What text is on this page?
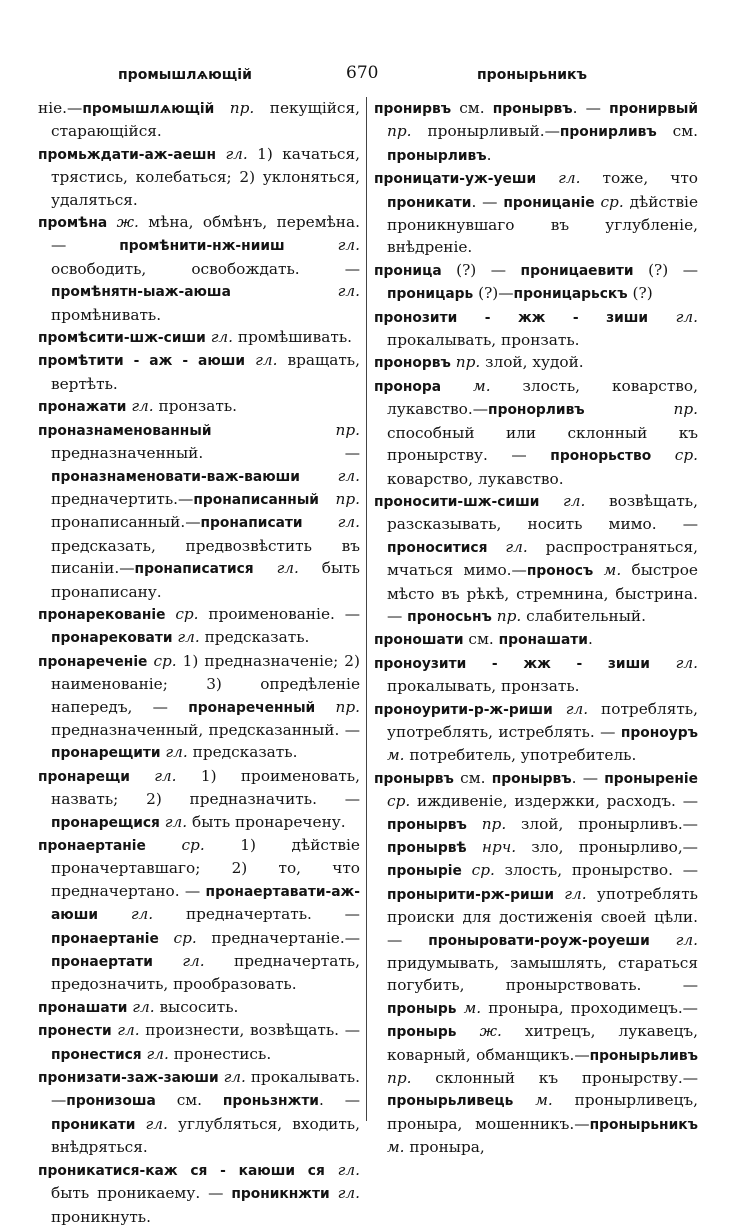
промышлѧющій	670	пронырьникъ

ніе.—промышлѧющій пр. пекущійся, старающійся.

промьждати-аж-аешн гл. 1) качаться, трястись, колебаться; 2) уклоняться, удаляться.

промѣна ж. мѣна, обмѣнъ, перемѣна. — промѣнити-нж-нииш	гл. освободить, освобождать. — промѣнятн-ыаж-аюша	гл. промѣнивать.

промѣсити-шж-сиши гл. промѣшивать.

промѣтити - аж - аюши гл. вращать, вертѣть.

пронажати гл. пронзать.

проназнаменованный	пр. предназначенный. — проназнаменовати-важ-ваюши гл. предначертить.—пронаписанный пр. пронаписанный.—пронаписати гл. предсказать, предвозвѣстить въ писаніи.—пронаписатися гл. быть пронаписану.

пронарекованіе ср. проименованіе. —пронарековати гл. предсказать.

пронареченіе ср. 1) предназначеніе; 2) наименованіе; 3) опредѣленіе напередъ, — пронареченный пр. предназначенный, предсказанный. — пронарещити гл. предсказать.

пронарещи гл. 1) проименовать, назвать; 2) предназначить. — пронарещися гл. быть пронаречену.

пронаертаніе ср. 1) дѣйствіе проначертавшаго; 2) то, что предначертано. — пронаертавати-аж-аюши гл. предначертать. — пронаертаніе ср. предначертаніе.—пронаертати гл. предначертать, предозначить, прообразовать.

пронашати гл. высосить.

пронести гл. произнести, возвѣщать. —пронестися гл. пронестись.

пронизати-заж-заюши гл. прокалывать.—пронизоша см. проньзнжти. —проникати гл. углубляться, входить, внѣдряться.

проникатися-каж ся - каюши ся гл. быть проникаему. — проникнжти гл. проникнуть.

пронирвъ см. пронырвъ. — пронирвый пр. пронырливый.—пронирливъ см. пронырливъ.

проницати-уж-уеши гл. тоже, что проникати. — проницаніе ср. дѣйствіе проникнувшаго въ углубленіе, внѣдреніе.

проница (?) — проницаевити (?) — проницарь (?)—проницарьскъ (?)

пронозити - жж - зиши гл. прокалывать, пронзать.

пронорвъ пр. злой, худой.

пронора м. злость, коварство, лукавство.—пронорливъ	пр. способный или склонный къ пронырству. — пронорьство ср. коварство, лукавство.

проносити-шж-сиши гл. возвѣщать, разсказывать, носить мимо. — проноситися гл. распространяться, мчаться мимо.—проносъ м. быстрое мѣсто въ рѣкѣ, стремнина, быстрина.— проносьнъ пр. слабительный.

проношати см. пронашати.

проноузити - жж - зиши гл. прокалывать, пронзать.

проноурити-р-ж-риши гл. потреблять, употреблять, истреблять. — проноуръ м. потребитель, употребитель.

пронырвъ см. пронырвъ. — проныреніе ср. иждивеніе, издержки, расходъ. — пронырвъ пр. злой, пронырливъ.—пронырвѣ нрч. зло, пронырливо,—проныріе ср. злость, пронырство. — пронырити-рж-риши гл. употреблять происки для достиженія своей цѣли. — проныровати-роуж-роуеши гл. придумывать, замышлять, стараться погубить, пронырствовать. — пронырь м. проныра, проходимецъ.—пронырь ж. хитрецъ, лукавецъ, коварный, обманщикъ.—пронырьливъ пр. склонный къ пронырству.—пронырьливець м. пронырливецъ, проныра, мошенникъ.—пронырьникъ м. проныра,
